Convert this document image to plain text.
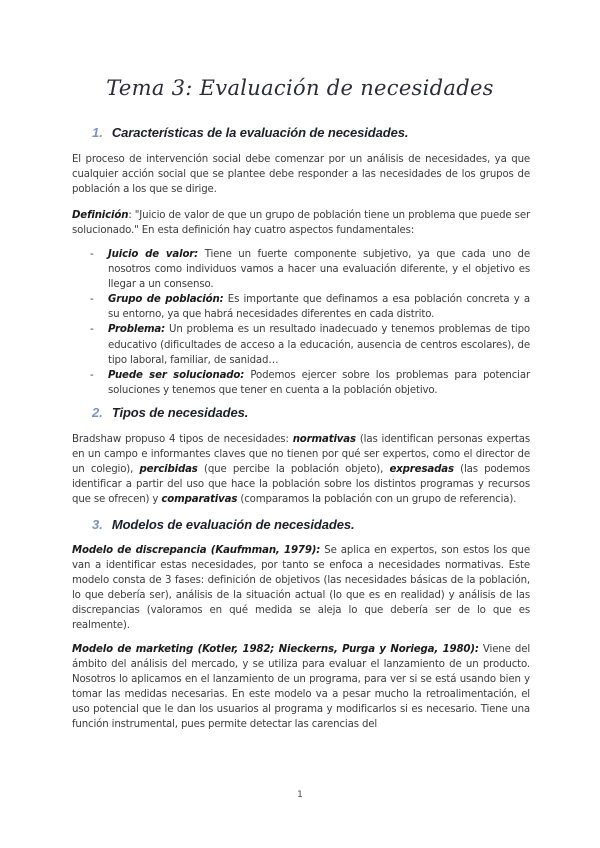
Tema 3: Evaluación de necesidades
1. Características de la evaluación de necesidades.
El proceso de intervención social debe comenzar por un análisis de necesidades, ya que cualquier acción social que se plantee debe responder a las necesidades de los grupos de población a los que se dirige.
Definición: "Juicio de valor de que un grupo de población tiene un problema que puede ser solucionado." En esta definición hay cuatro aspectos fundamentales:
- Juicio de valor: Tiene un fuerte componente subjetivo, ya que cada uno de nosotros como individuos vamos a hacer una evaluación diferente, y el objetivo es llegar a un consenso.
- Grupo de población: Es importante que definamos a esa población concreta y a su entorno, ya que habrá necesidades diferentes en cada distrito.
- Problema: Un problema es un resultado inadecuado y tenemos problemas de tipo educativo (dificultades de acceso a la educación, ausencia de centros escolares), de tipo laboral, familiar, de sanidad…
- Puede ser solucionado: Podemos ejercer sobre los problemas para potenciar soluciones y tenemos que tener en cuenta a la población objetivo.
2. Tipos de necesidades.
Bradshaw propuso 4 tipos de necesidades: normativas (las identifican personas expertas en un campo e informantes claves que no tienen por qué ser expertos, como el director de un colegio), percibidas (que percibe la población objeto), expresadas (las podemos identificar a partir del uso que hace la población sobre los distintos programas y recursos que se ofrecen) y comparativas (comparamos la población con un grupo de referencia).
3. Modelos de evaluación de necesidades.
Modelo de discrepancia (Kaufmman, 1979): Se aplica en expertos, son estos los que van a identificar estas necesidades, por tanto se enfoca a necesidades normativas. Este modelo consta de 3 fases: definición de objetivos (las necesidades básicas de la población, lo que debería ser), análisis de la situación actual (lo que es en realidad) y análisis de las discrepancias (valoramos en qué medida se aleja lo que debería ser de lo que es realmente).
Modelo de marketing (Kotler, 1982; Nieckerns, Purga y Noriega, 1980): Viene del ámbito del análisis del mercado, y se utiliza para evaluar el lanzamiento de un producto. Nosotros lo aplicamos en el lanzamiento de un programa, para ver si se está usando bien y tomar las medidas necesarias. En este modelo va a pesar mucho la retroalimentación, el uso potencial que le dan los usuarios al programa y modificarlos si es necesario. Tiene una función instrumental, pues permite detectar las carencias del
1
